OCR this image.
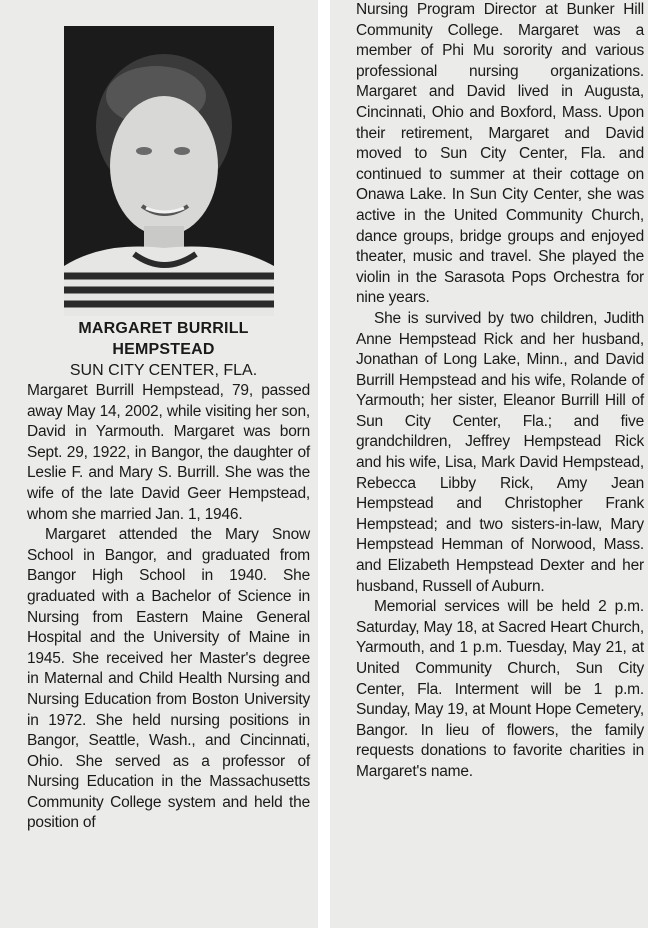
MARGARET BURRILL
HEMPSTEAD
SUN CITY CENTER, FLA.

Margaret Burrill Hempstead, 79, passed away May 14, 2002, while visiting her son, David in Yarmouth. Margaret was born Sept. 29, 1922, in Bangor, the daughter of Leslie F. and Mary S. Burrill. She was the wife of the late David Geer Hempstead, whom she married Jan. 1, 1946.

Margaret attended the Mary Snow School in Bangor, and graduated from Bangor High School in 1940. She graduated with a Bachelor of Science in Nursing from Eastern Maine General Hospital and the University of Maine in 1945. She received her Master's degree in Maternal and Child Health Nursing and Nursing Education from Boston University in 1972. She held nursing positions in Bangor, Seattle, Wash., and Cincinnati, Ohio. She served as a professor of Nursing Education in the Massachusetts Community College system and held the position of

Nursing Program Director at Bunker Hill Community College. Margaret was a member of Phi Mu sorority and various professional nursing organizations. Margaret and David lived in Augusta, Cincinnati, Ohio and Boxford, Mass. Upon their retirement, Margaret and David moved to Sun City Center, Fla. and continued to summer at their cottage on Onawa Lake. In Sun City Center, she was active in the United Community Church, dance groups, bridge groups and enjoyed theater, music and travel. She played the violin in the Sarasota Pops Orchestra for nine years.

She is survived by two children, Judith Anne Hempstead Rick and her husband, Jonathan of Long Lake, Minn., and David Burrill Hempstead and his wife, Rolande of Yarmouth; her sister, Eleanor Burrill Hill of Sun City Center, Fla.; and five grandchildren, Jeffrey Hempstead Rick and his wife, Lisa, Mark David Hempstead, Rebecca Libby Rick, Amy Jean Hempstead and Christopher Frank Hempstead; and two sisters-in-law, Mary Hempstead Hemman of Norwood, Mass. and Elizabeth Hempstead Dexter and her husband, Russell of Auburn.

Memorial services will be held 2 p.m. Saturday, May 18, at Sacred Heart Church, Yarmouth, and 1 p.m. Tuesday, May 21, at United Community Church, Sun City Center, Fla. Interment will be 1 p.m. Sunday, May 19, at Mount Hope Cemetery, Bangor. In lieu of flowers, the family requests donations to favorite charities in Margaret's name.
